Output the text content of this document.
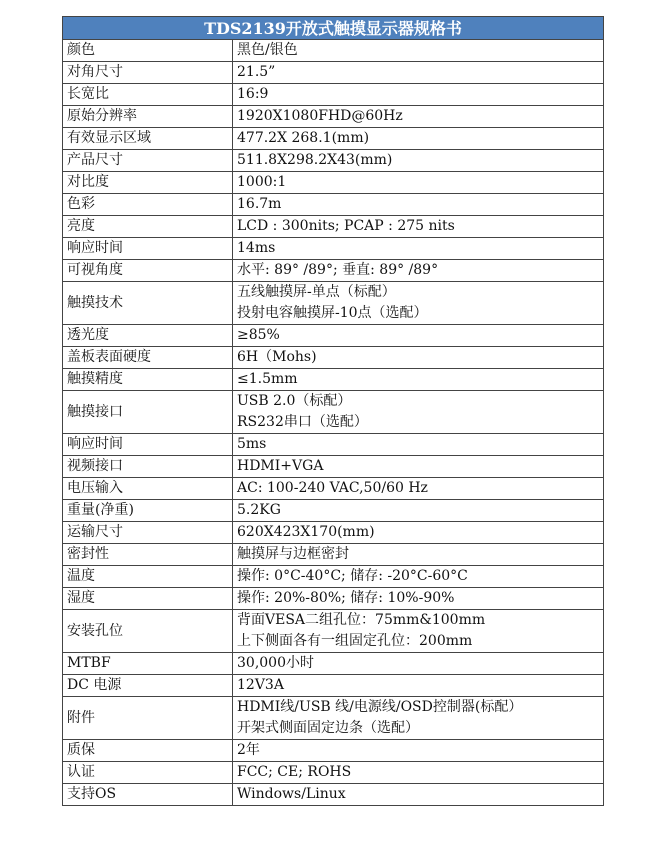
TDS2139开放式触摸显示器规格书	
颜色	黑色/银色

对角尺寸	21.5”

长宽比	16:9

原始分辨率	1920X1080FHD@60Hz

有效显示区域	477.2X 268.1(mm)

产品尺寸	511.8X298.2X43(mm)

对比度	1000:1

色彩	16.7m

亮度	LCD : 300nits; PCAP : 275 nits

响应时间	14ms

可视角度	水平: 89° /89°; 垂直: 89° /89°

触摸技术	五线触摸屏-单点（标配）
投射电容触摸屏-10点（选配）

透光度	≥85%

盖板表面硬度	6H（Mohs)

触摸精度	≤1.5mm

触摸接口	USB 2.0（标配）
RS232串口（选配）

响应时间	5ms

视频接口	HDMI+VGA

电压输入	AC: 100-240 VAC,50/60 Hz

重量(净重)	5.2KG

运输尺寸	620X423X170(mm)

密封性	触摸屏与边框密封

温度	操作: 0°C-40°C; 储存: -20°C-60°C

湿度	操作: 20%-80%; 储存: 10%-90%

安装孔位	背面VESA二组孔位：75mm&100mm
上下侧面各有一组固定孔位：200mm

MTBF	30,000小时

DC 电源	12V3A

附件	HDMI线/USB 线/电源线/OSD控制器(标配）
开架式侧面固定边条（选配）

质保	2年

认证	FCC; CE; ROHS

支持OS	Windows/Linux
